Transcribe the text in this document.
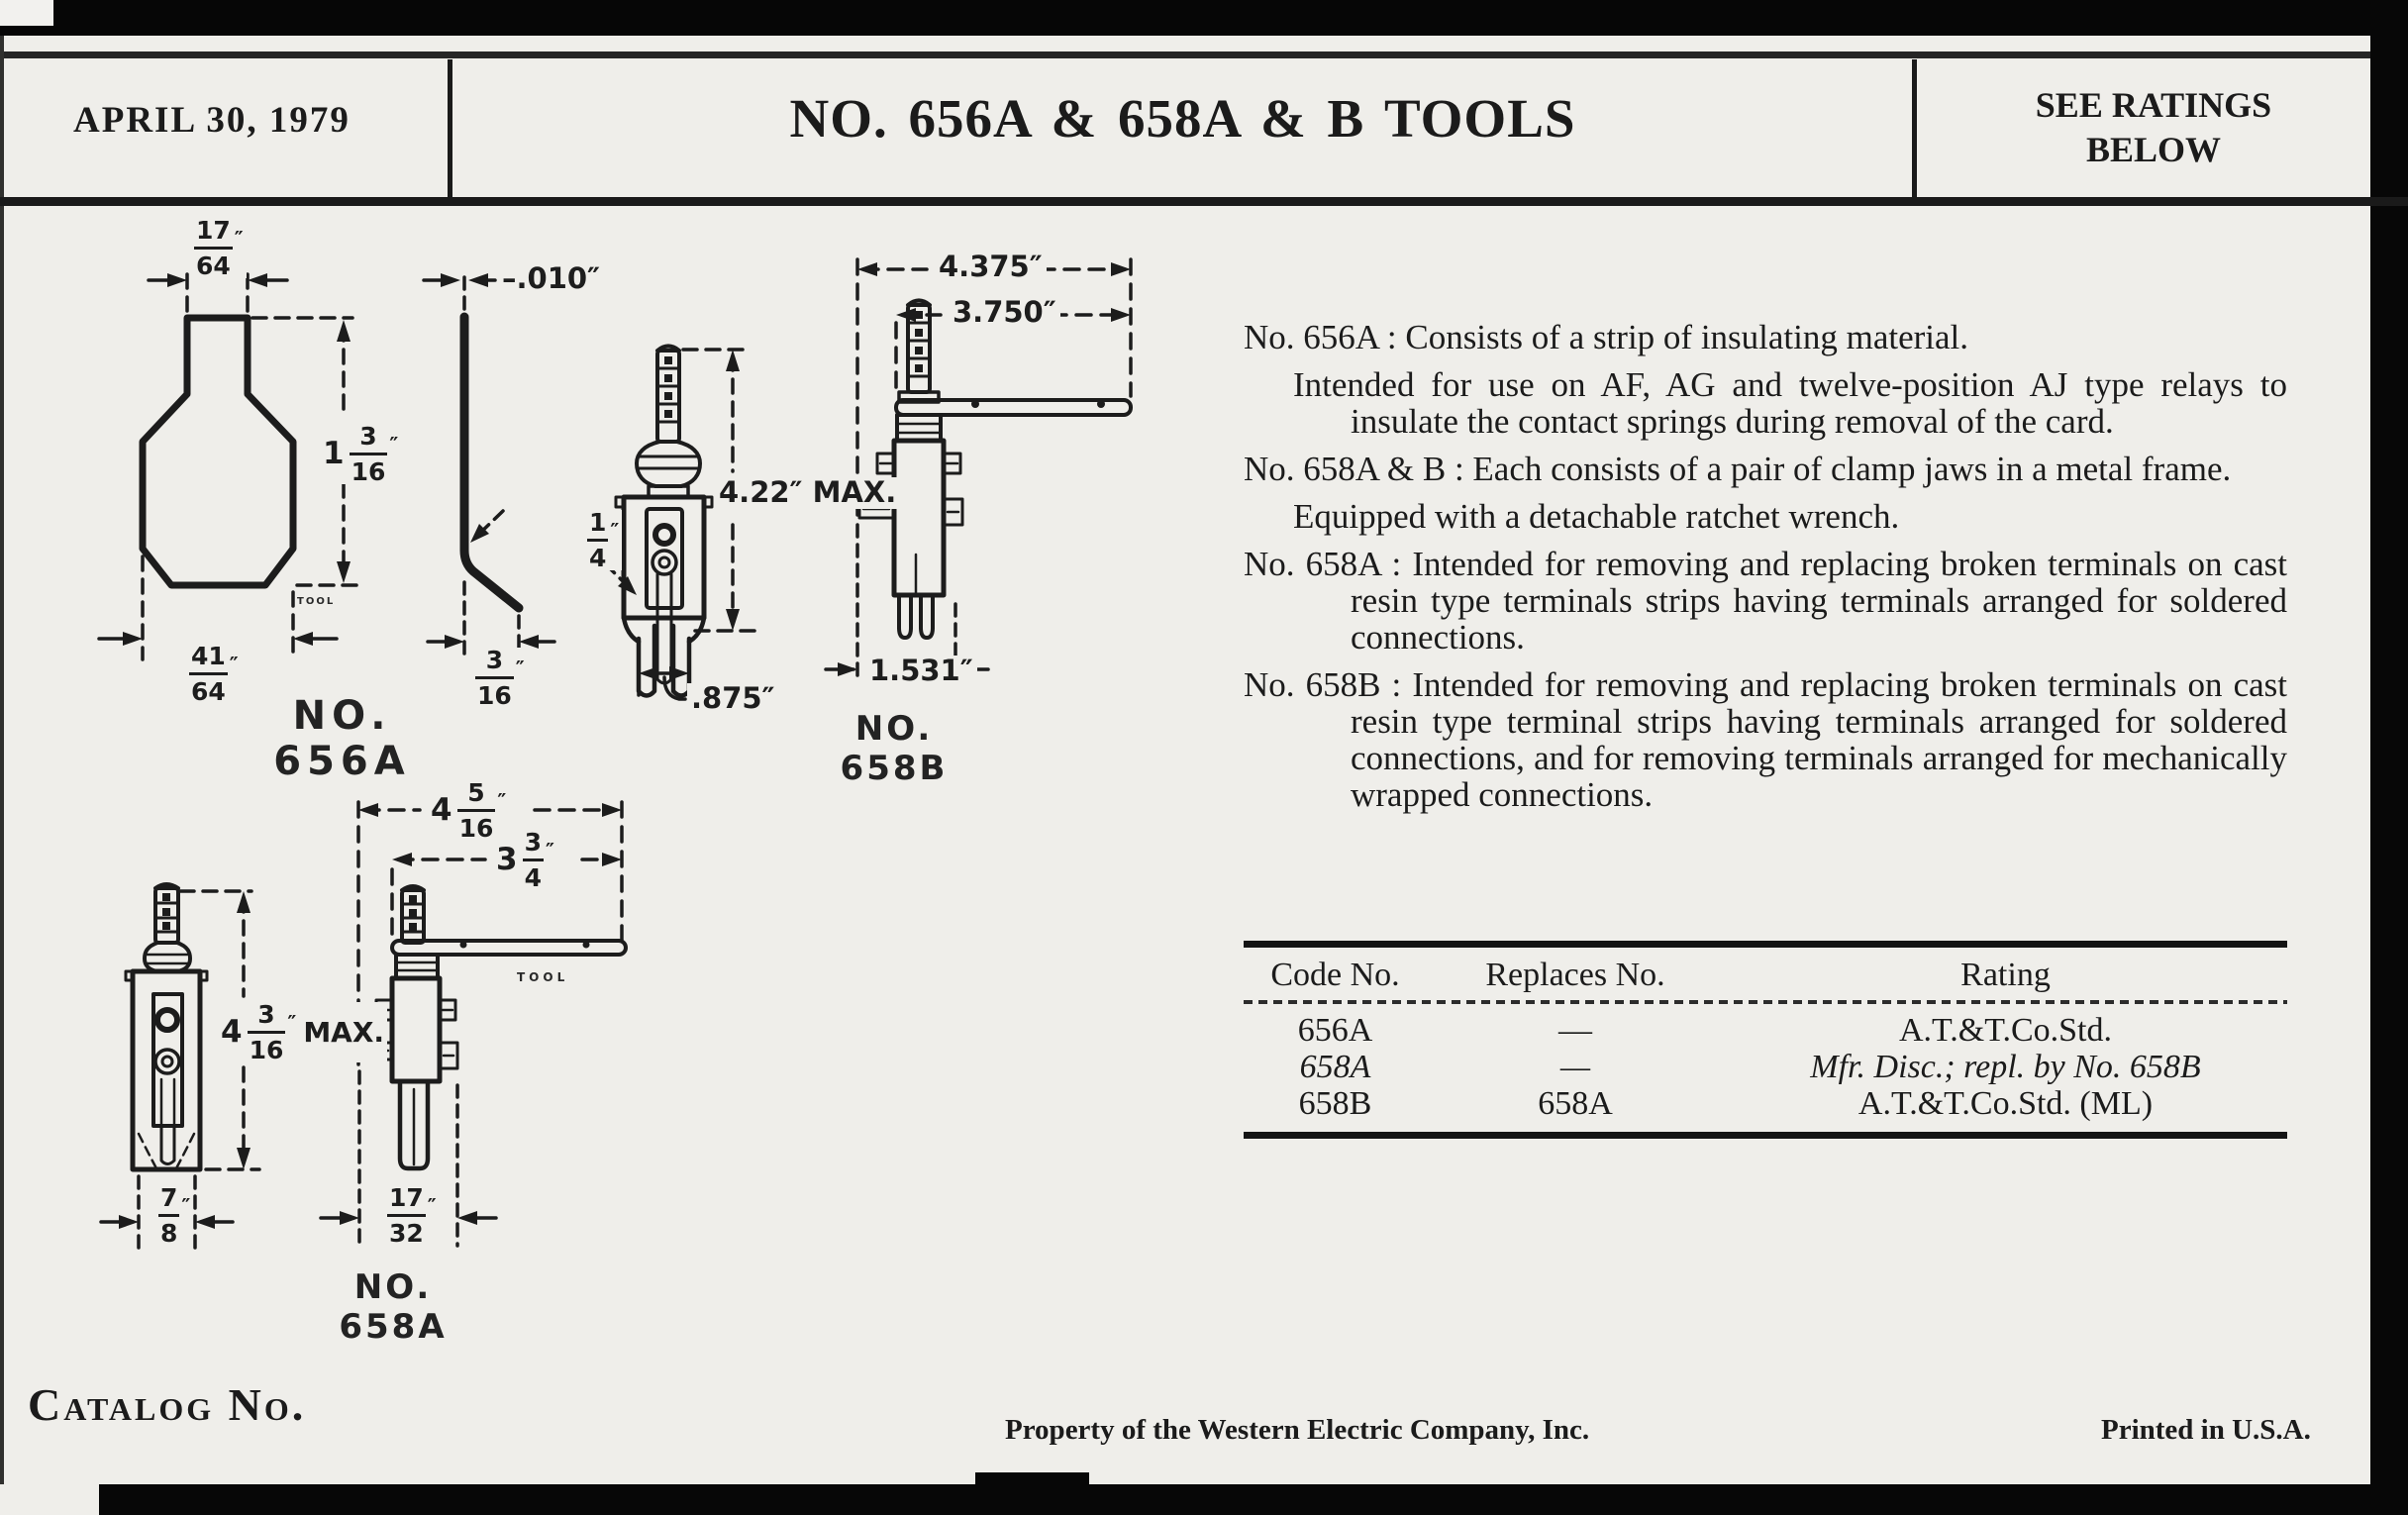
APRIL 30, 1979	NO. 656A & 658A & B TOOLS	SEE RATINGS
BELOW
$\frac{17}{64}$ ″
$1 \frac{3}{16}$ ″
$\frac{41}{64}$ ″
$\frac{1}{4}$ ″
$\frac{3}{16}$ ″
$4 \frac{3}{16}$ ″ MAX.
$\frac{7}{8}$ ″
$4 \frac{5}{16}$ ″
$3 \frac{3}{4}$ ″
$\frac{17}{32}$ ″
–.010″
4.22″ MAX.
.875″
4.375″
3.750″
1.531″
NO. 656A
NO. 658B
NO. 658A
TOOL
TOOL

No. 656A : Consists of a strip of insulating material.

Intended for use on AF, AG and twelve-position AJ type relays to insulate the contact springs during removal of the card.

No. 658A & B : Each consists of a pair of clamp jaws in a metal frame.

Equipped with a detachable ratchet wrench.

No. 658A : Intended for removing and replacing broken terminals on cast resin type terminals strips having terminals arranged for soldered connections.

No. 658B : Intended for removing and replacing broken terminals on cast resin type terminal strips having terminals arranged for soldered connections, and for removing terminals arranged for mechanically wrapped connections.

Code No.	Replaces No.	Rating
656A	—	A.T.&T.Co.Std.
658A	—	Mfr. Disc.; repl. by No. 658B
658B	658A	A.T.&T.Co.Std. (ML)
Catalog No.	Property of the Western Electric Company, Inc.	Printed in U.S.A.
